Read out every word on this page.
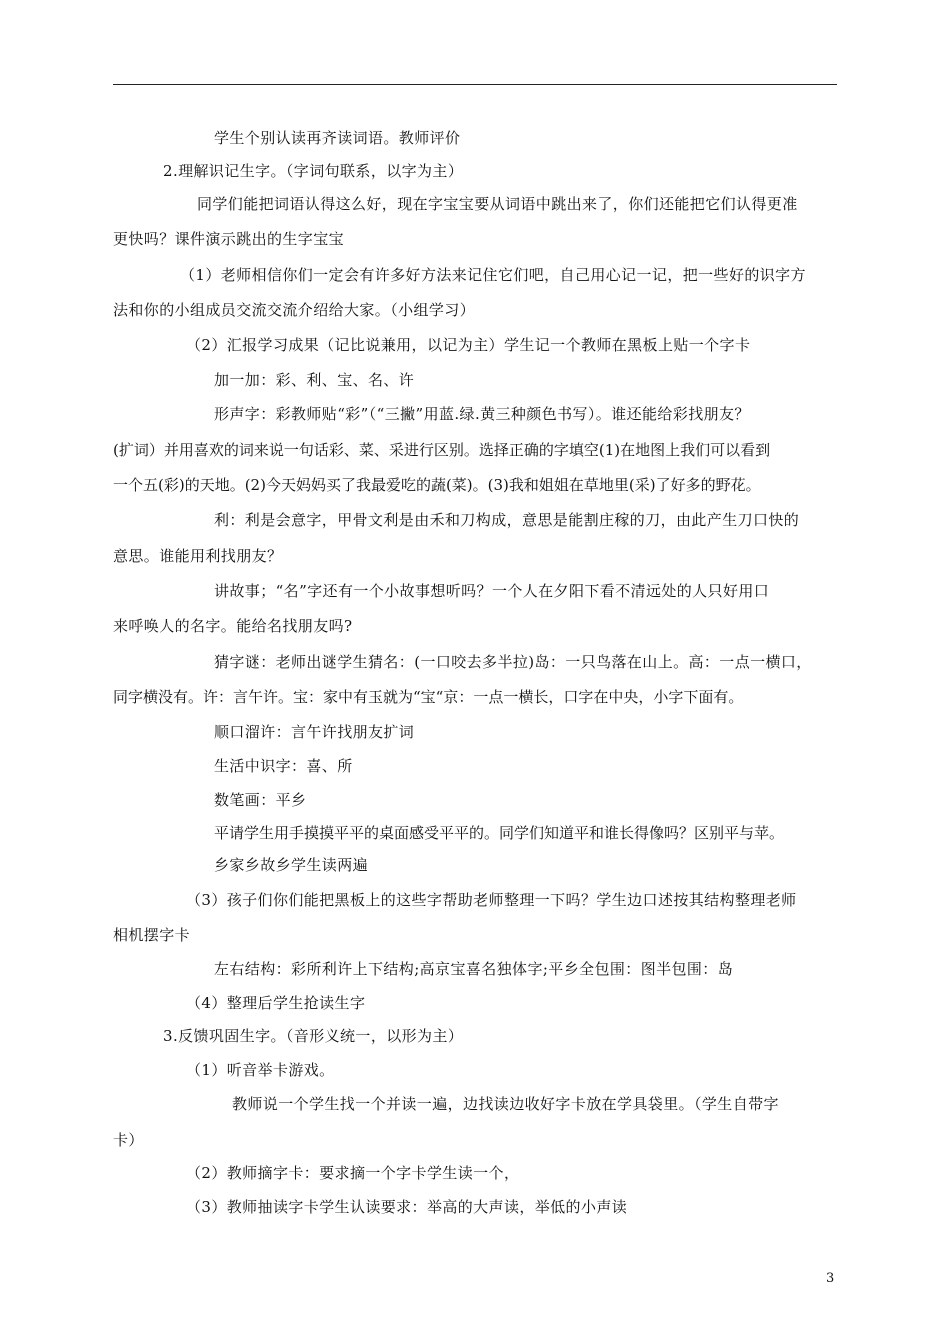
学生个别认读再齐读词语。教师评价
2.理解识记生字。（字词句联系，以字为主）
同学们能把词语认得这么好，现在字宝宝要从词语中跳出来了，你们还能把它们认得更准
更快吗？课件演示跳出的生字宝宝
（1）老师相信你们一定会有许多好方法来记住它们吧，自己用心记一记，把一些好的识字方
法和你的小组成员交流交流介绍给大家。（小组学习）
（2）汇报学习成果（记比说兼用，以记为主）学生记一个教师在黑板上贴一个字卡
加一加：彩、利、宝、名、许
形声字：彩教师贴“彩”（“三撇”用蓝.绿.黄三种颜色书写）。谁还能给彩找朋友？
(扩词）并用喜欢的词来说一句话彩、菜、采进行区别。选择正确的字填空(1)在地图上我们可以看到
一个五(彩)的天地。(2)今天妈妈买了我最爱吃的蔬(菜)。(3)我和姐姐在草地里(采)了好多的野花。
利：利是会意字，甲骨文利是由禾和刀构成，意思是能割庄稼的刀，由此产生刀口快的
意思。谁能用利找朋友？
讲故事；“名”字还有一个小故事想听吗？一个人在夕阳下看不清远处的人只好用口
来呼唤人的名字。能给名找朋友吗?
猜字谜：老师出谜学生猜名：(一口咬去多半拉)岛：一只鸟落在山上。高：一点一横口，
同字横没有。许：言午许。宝：家中有玉就为“宝“京：一点一横长，口字在中央，小字下面有。
顺口溜许：言午许找朋友扩词
生活中识字：喜、所
数笔画：平乡
平请学生用手摸摸平平的桌面感受平平的。同学们知道平和谁长得像吗？区别平与苹。
乡家乡故乡学生读两遍
（3）孩子们你们能把黑板上的这些字帮助老师整理一下吗？学生边口述按其结构整理老师
相机摆字卡
左右结构：彩所利许上下结构;高京宝喜名独体字;平乡全包围：图半包围：岛
（4）整理后学生抢读生字
3.反馈巩固生字。（音形义统一，以形为主）
（1）听音举卡游戏。
教师说一个学生找一个并读一遍，边找读边收好字卡放在学具袋里。（学生自带字
卡）
（2）教师摘字卡：要求摘一个字卡学生读一个，
（3）教师抽读字卡学生认读要求：举高的大声读，举低的小声读
3
